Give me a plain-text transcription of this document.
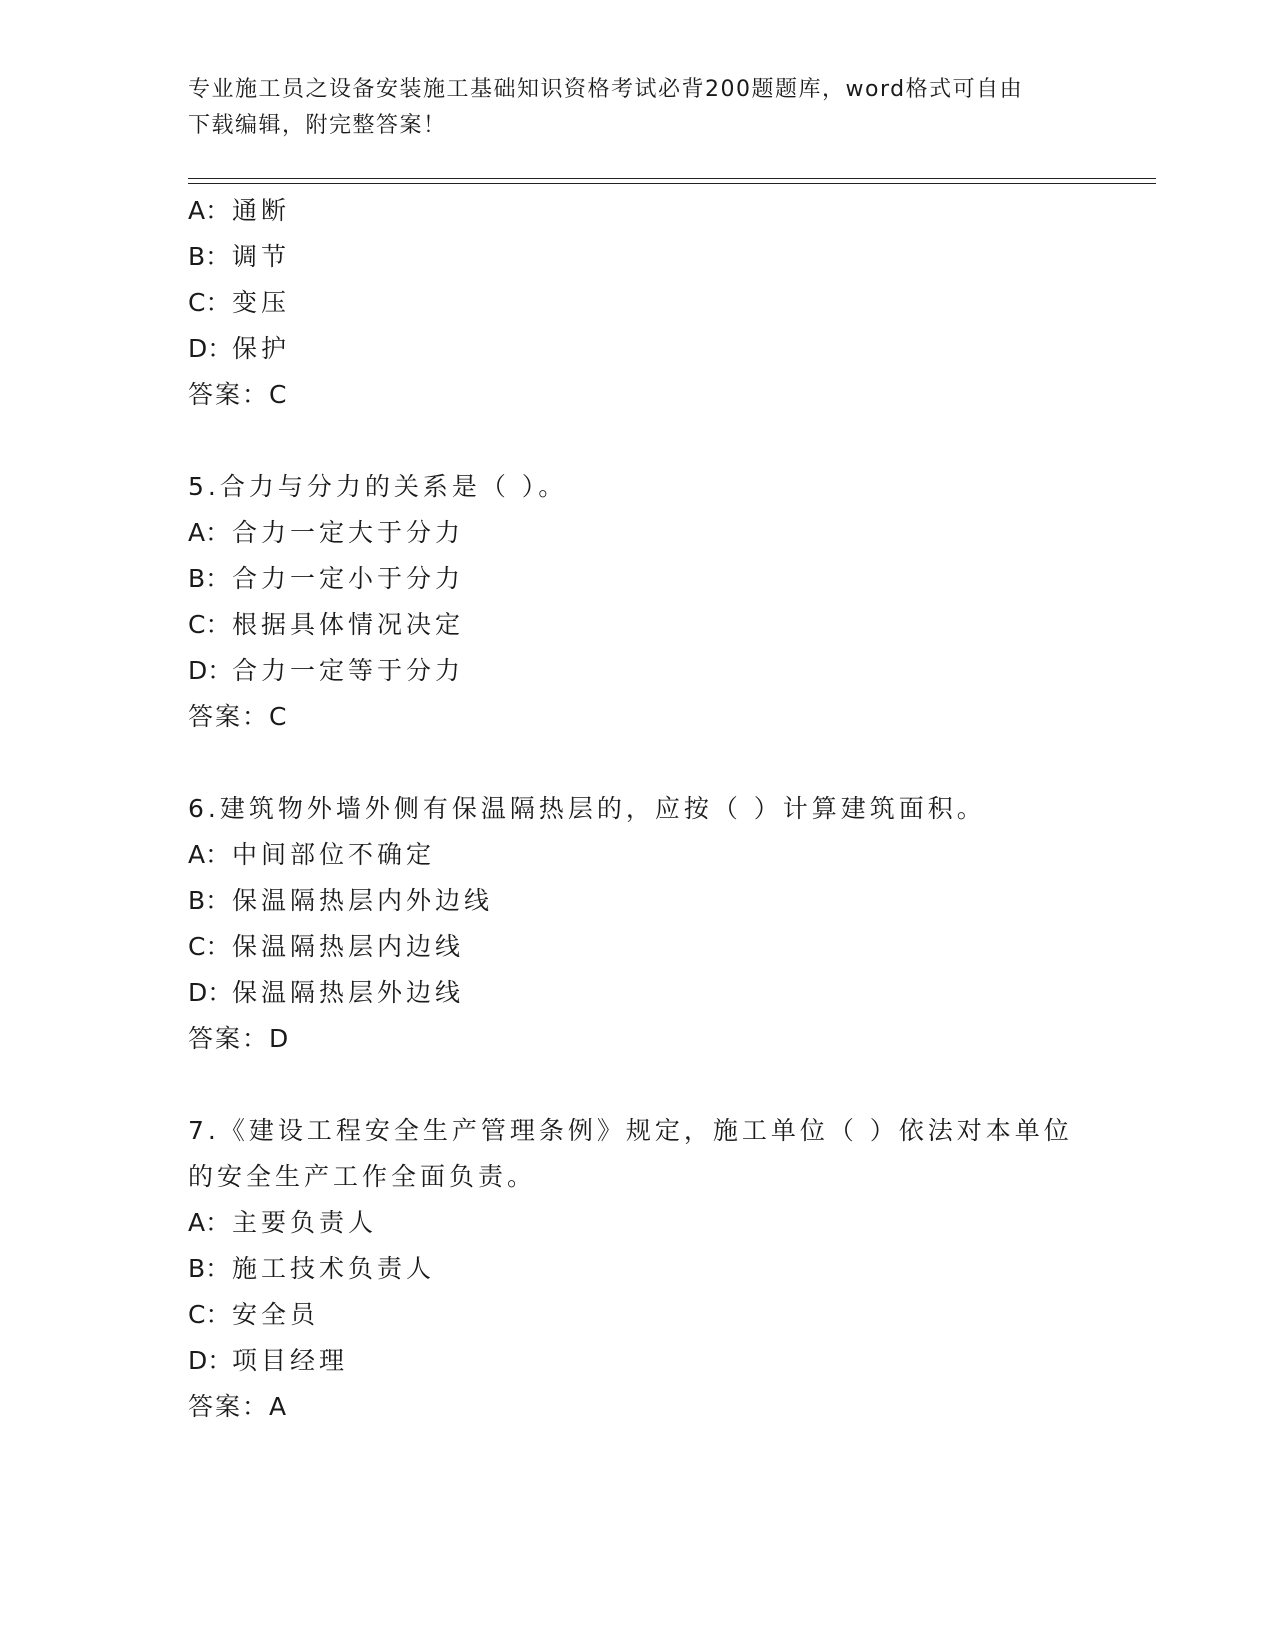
专业施工员之设备安装施工基础知识资格考试必背200题题库，word格式可自由
下载编辑，附完整答案！
A：通断
B：调节
C：变压
D：保护
答案：C
5.合力与分力的关系是（ ）。
A：合力一定大于分力
B：合力一定小于分力
C：根据具体情况决定
D：合力一定等于分力
答案：C
6.建筑物外墙外侧有保温隔热层的，应按（ ）计算建筑面积。
A：中间部位不确定
B：保温隔热层内外边线
C：保温隔热层内边线
D：保温隔热层外边线
答案：D
7.《建设工程安全生产管理条例》规定，施工单位（ ）依法对本单位
的安全生产工作全面负责。
A：主要负责人
B：施工技术负责人
C：安全员
D：项目经理
答案：A
